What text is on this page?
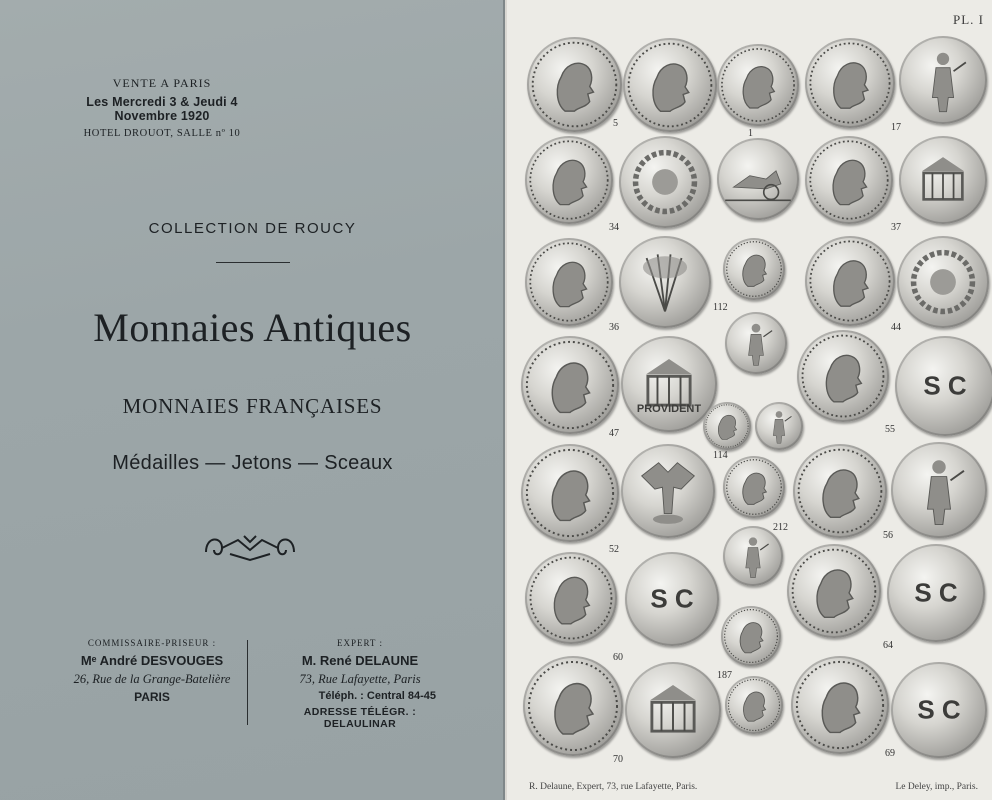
VENTE A PARIS
Les Mercredi 3 & Jeudi 4 Novembre 1920
HOTEL DROUOT, SALLE nº 10
COLLECTION DE ROUCY
Monnaies Antiques
MONNAIES FRANÇAISES
Médailles — Jetons — Sceaux
COMMISSAIRE-PRISEUR :
Mᵉ André DESVOUGES
26, Rue de la Grange-Batelière
PARIS
EXPERT :
M. René DELAUNE
73, Rue Lafayette, Paris
Téléph. : Central 84-45
ADRESSE TÉLÉGR. : DELAULINAR
PL. I
PROVIDENT
S C
S C	S C
S C
5
1
17
34	37
36
112
44
47	55
114
52
212
56
60
64
187
70
69
R. Delaune, Expert, 73, rue Lafayette, Paris.	Le Deley, imp., Paris.
